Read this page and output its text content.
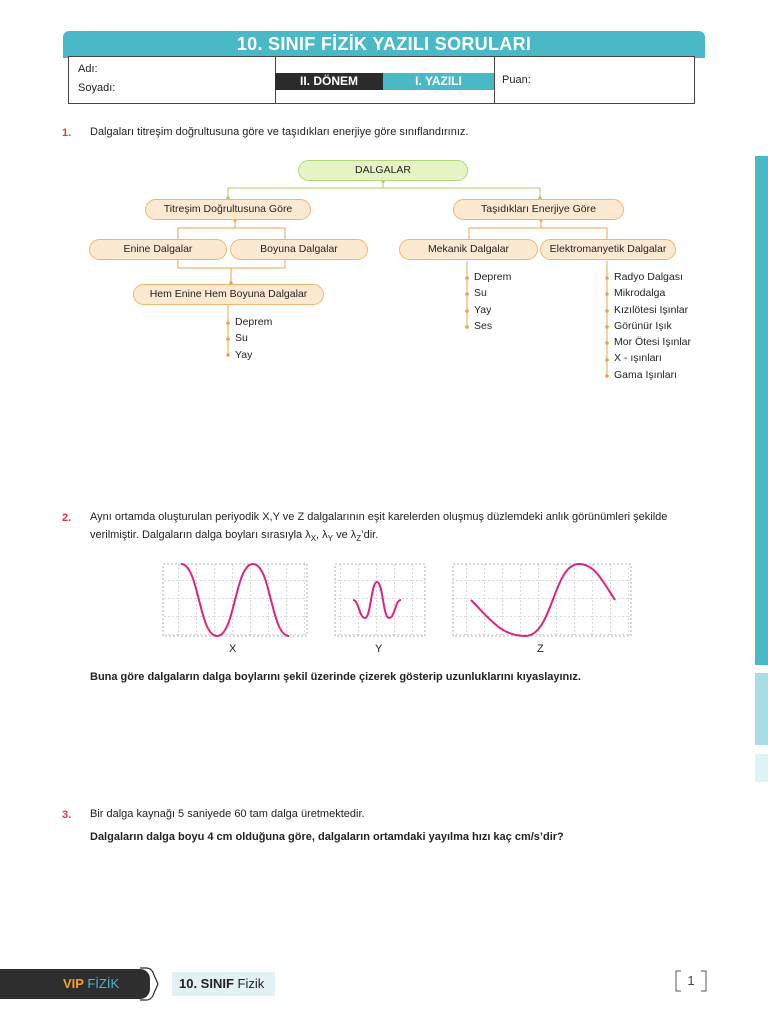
10. SINIF FİZİK YAZILI SORULARI
Adı:
Soyadı:	II. DÖNEM	I. YAZILI	Puan:
1. Dalgaları titreşim doğrultusuna göre ve taşıdıkları enerjiye göre sınıflandırınız.
DALGALAR
Titreşim Doğrultusuna Göre	Taşıdıkları Enerjiye Göre
Enine Dalgalar	Boyuna Dalgalar
Hem Enine Hem Boyuna Dalgalar
Mekanik Dalgalar	Elektromanyetik Dalgalar
Deprem
Su
Yay
Deprem
Su
Yay
Ses
Radyo Dalgası
Mikrodalga
Kızılötesi Işınlar
Görünür Işık
Mor Ötesi Işınlar
X - ışınları
Gama Işınları
2. Aynı ortamda oluşturulan periyodik X,Y ve Z dalgalarının eşit karelerden oluşmuş düzlemdeki anlık görünümleri şekilde
verilmiştir. Dalgaların dalga boyları sırasıyla $\lambda_X$, $\lambda_Y$ ve $\lambda_Z’dir$.
X	Y	Z
Buna göre dalgaların dalga boylarını şekil üzerinde çizerek gösterip uzunluklarını kıyaslayınız.
3. Bir dalga kaynağı 5 saniyede 60 tam dalga üretmektedir.
Dalgaların dalga boyu 4 cm olduğuna göre, dalgaların ortamdaki yayılma hızı kaç cm/s’dir?
VIP FİZİK	10. SINIF Fizik	1
